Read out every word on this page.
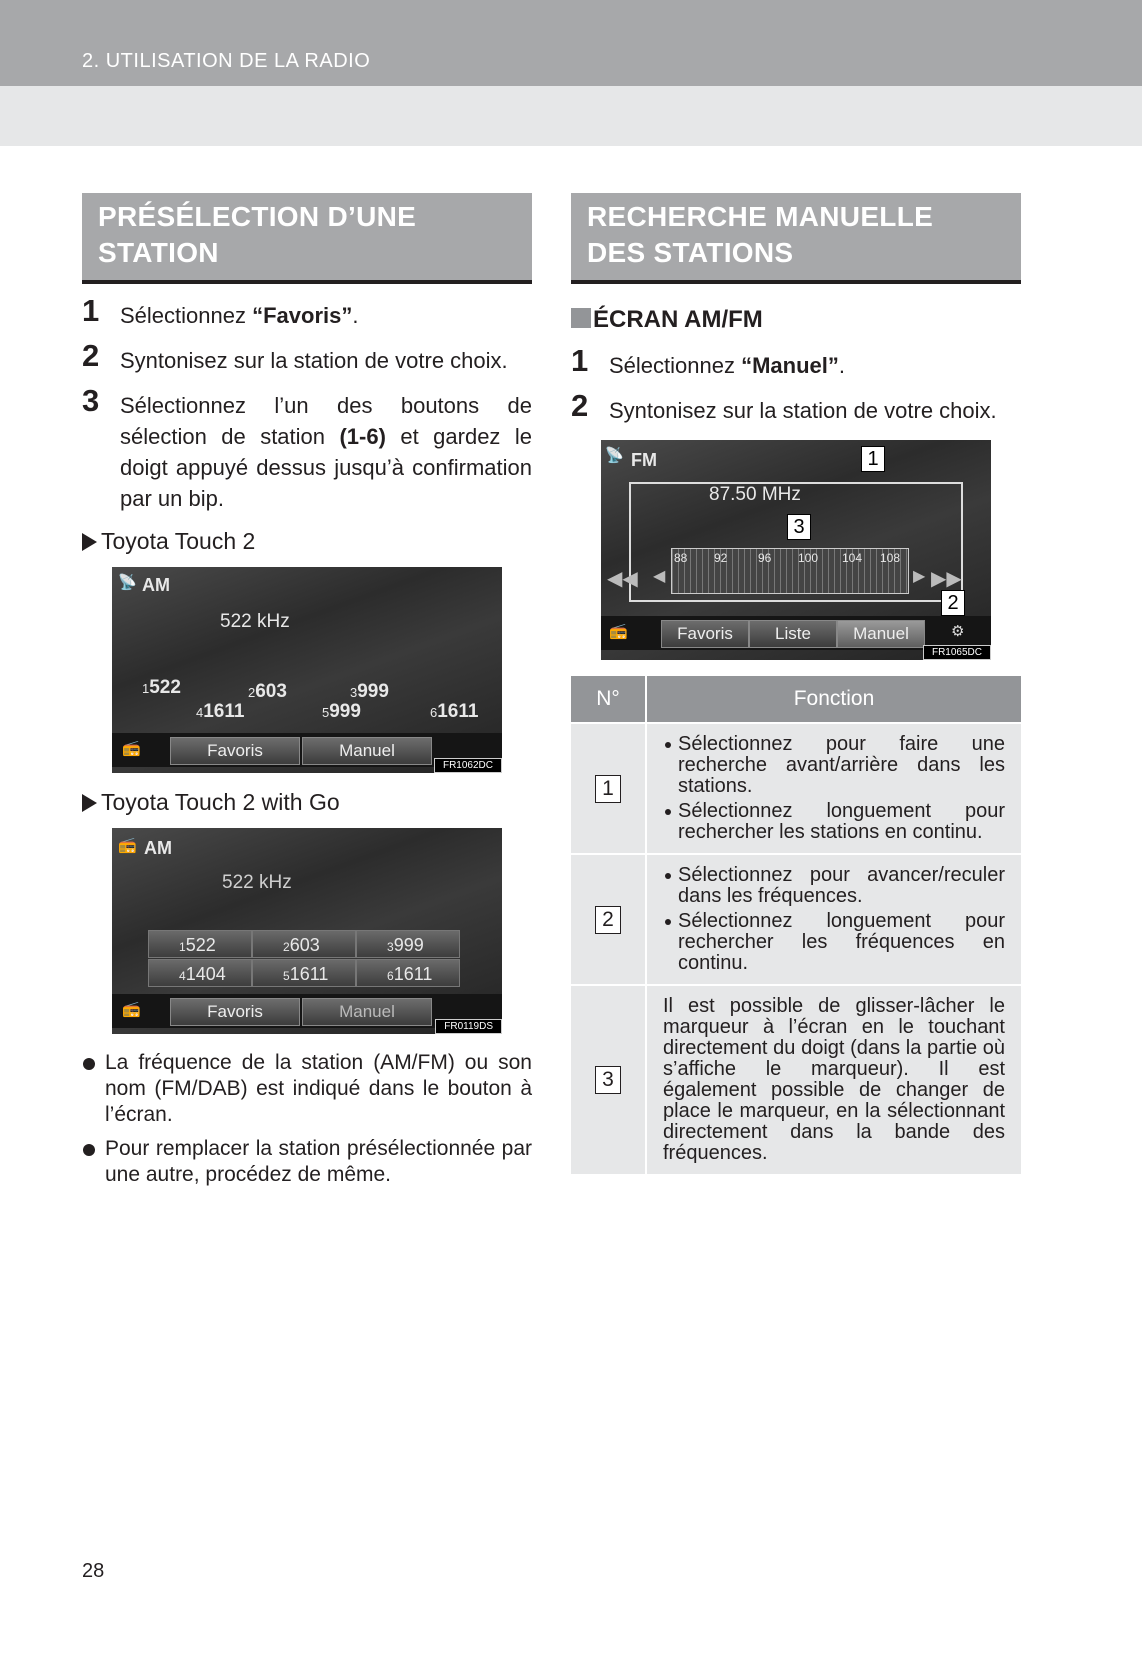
2. UTILISATION DE LA RADIO
PRÉSÉLECTION D’UNE
STATION
1 Sélectionnez “Favoris”.
2 Syntonisez sur la station de votre choix.
3 Sélectionnez l’un des boutons de sélection de station (1-6) et gardez le doigt appuyé dessus jusqu’à confirmation par un bip.
Toyota Touch 2
📡 AM
522 kHz
1522	2603	3999
41611	5999	61611
📻	Favoris	Manuel
FR1062DC
Toyota Touch 2 with Go
📻 AM
522 kHz
1522	2603	3999
41404	51611	61611
📻	Favoris	Manuel
FR0119DS
La fréquence de la station (AM/FM) ou son nom (FM/DAB) est indiqué dans le bouton à l’écran.
Pour remplacer la station présélectionnée par une autre, procédez de même.
RECHERCHE MANUELLE
DES STATIONS
ÉCRAN AM/FM
1 Sélectionnez “Manuel”.
2 Syntonisez sur la station de votre choix.
📡 FM
87.50 MHz
88 92	96 100 104 108
◀◀	▶▶
◀	▶
1
3
2
📻	Favoris	Liste	Manuel	⚙
FR1065DC
N°	Fonction
1	Sélectionnez pour faire une recherche avant/arrière dans les stations.
Sélectionnez longuement pour rechercher les stations en continu.

2	Sélectionnez pour avancer/reculer dans les fréquences.
Sélectionnez longuement pour rechercher les fréquences en continu.

3	Il est possible de glisser-lâcher le marqueur à l’écran en le touchant directement du doigt (dans la partie où s’affiche le marqueur). Il est également possible de changer de place le marqueur, en la sélectionnant directement dans la bande des fréquences.
28
